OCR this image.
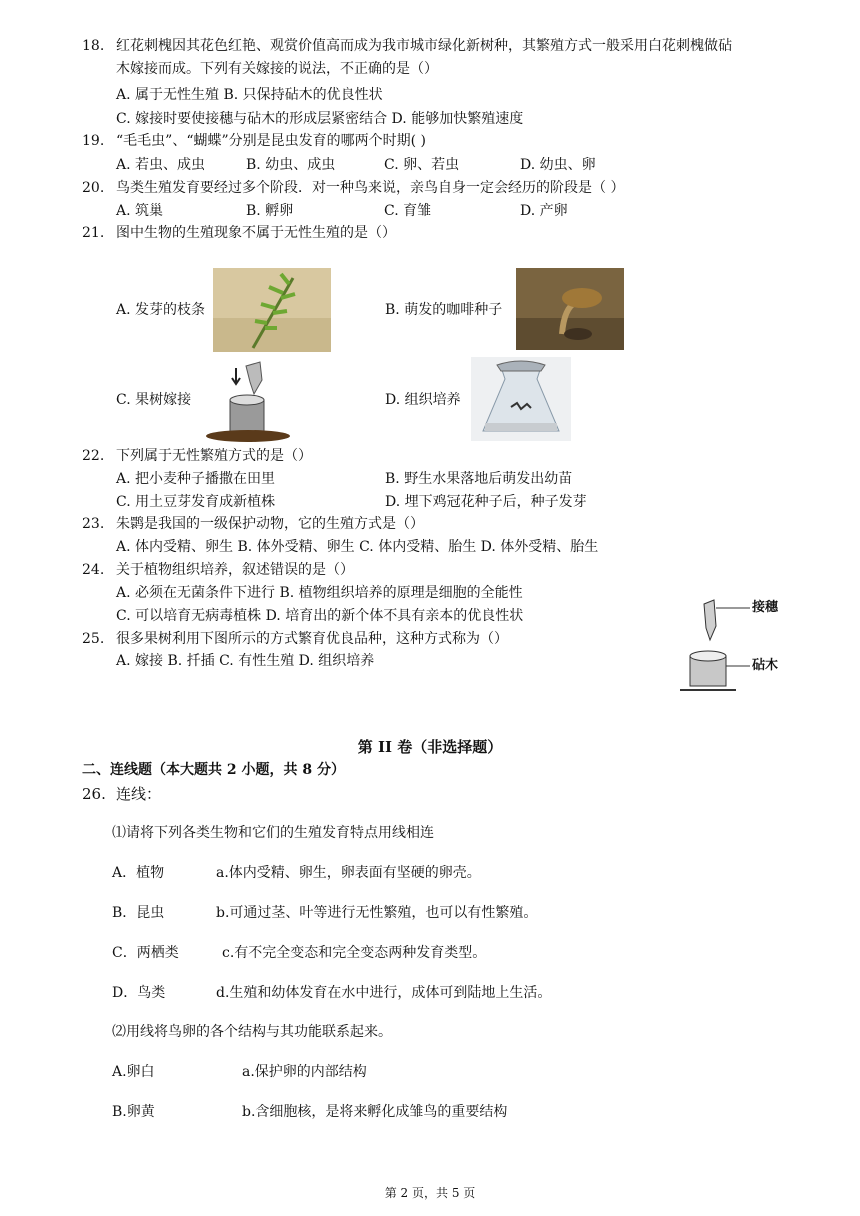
18. 红花刺槐因其花色红艳、观赏价值高而成为我市城市绿化新树种，其繁殖方式一般采用白花刺槐做砧
木嫁接而成。下列有关嫁接的说法，不正确的是（）
A. 属于无性生殖 B. 只保持砧木的优良性状
C. 嫁接时要使接穗与砧木的形成层紧密结合 D. 能够加快繁殖速度
19. “毛毛虫”、“蝴蝶”分别是昆虫发育的哪两个时期( )
A. 若虫、成虫	B. 幼虫、成虫	C. 卵、若虫	D. 幼虫、卵
20. 鸟类生殖发育要经过多个阶段．对一种鸟来说，亲鸟自身一定会经历的阶段是（ ）
A. 筑巢	B. 孵卵	C. 育雏	D. 产卵
21. 图中生物的生殖现象不属于无性生殖的是（）
A. 发芽的枝条	B. 萌发的咖啡种子
C. 果树嫁接	D. 组织培养
22. 下列属于无性繁殖方式的是（）
A. 把小麦种子播撒在田里	B. 野生水果落地后萌发出幼苗
C. 用土豆芽发育成新植株	D. 埋下鸡冠花种子后，种子发芽
23. 朱鹮是我国的一级保护动物，它的生殖方式是（）
A. 体内受精、卵生 B. 体外受精、卵生 C. 体内受精、胎生 D. 体外受精、胎生
24. 关于植物组织培养，叙述错误的是（）
A. 必须在无菌条件下进行 B. 植物组织培养的原理是细胞的全能性
C. 可以培育无病毒植株 D. 培育出的新个体不具有亲本的优良性状
25. 很多果树利用下图所示的方式繁育优良品种，这种方式称为（）
A. 嫁接 B. 扦插 C. 有性生殖 D. 组织培养
接穗
砧木
第 II 卷（非选择题）
二、连线题（本大题共 2 小题，共 8 分）
26. 连线：
⑴请将下列各类生物和它们的生殖发育特点用线相连
A．植物	a.体内受精、卵生，卵表面有坚硬的卵壳。
B．昆虫	b.可通过茎、叶等进行无性繁殖，也可以有性繁殖。
C．两栖类	c.有不完全变态和完全变态两种发育类型。
D．鸟类	d.生殖和幼体发育在水中进行，成体可到陆地上生活。
⑵用线将鸟卵的各个结构与其功能联系起来。
A.卵白	a.保护卵的内部结构
B.卵黄	b.含细胞核，是将来孵化成雏鸟的重要结构
第 2 页，共 5 页
